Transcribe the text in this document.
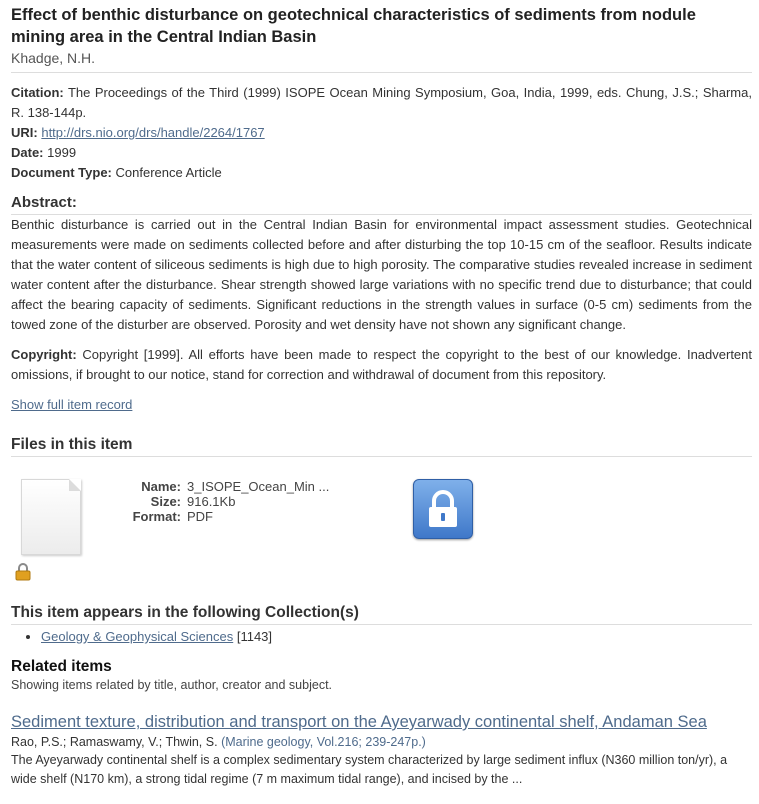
Effect of benthic disturbance on geotechnical characteristics of sediments from nodule mining area in the Central Indian Basin
Khadge, N.H.
Citation: The Proceedings of the Third (1999) ISOPE Ocean Mining Symposium, Goa, India, 1999, eds. Chung, J.S.; Sharma, R. 138-144p.
URI: http://drs.nio.org/drs/handle/2264/1767
Date: 1999
Document Type: Conference Article
Abstract:
Benthic disturbance is carried out in the Central Indian Basin for environmental impact assessment studies. Geotechnical measurements were made on sediments collected before and after disturbing the top 10-15 cm of the seafloor. Results indicate that the water content of siliceous sediments is high due to high porosity. The comparative studies revealed increase in sediment water content after the disturbance. Shear strength showed large variations with no specific trend due to disturbance; that could affect the bearing capacity of sediments. Significant reductions in the strength values in surface (0-5 cm) sediments from the towed zone of the disturber are observed. Porosity and wet density have not shown any significant change.
Copyright: Copyright [1999]. All efforts have been made to respect the copyright to the best of our knowledge. Inadvertent omissions, if brought to our notice, stand for correction and withdrawal of document from this repository.
Show full item record
Files in this item
Name: 3_ISOPE_Ocean_Min ...
Size: 916.1Kb
Format: PDF
This item appears in the following Collection(s)
• Geology & Geophysical Sciences [1143]
Related items
Showing items related by title, author, creator and subject.
Sediment texture, distribution and transport on the Ayeyarwady continental shelf, Andaman Sea
Rao, P.S.; Ramaswamy, V.; Thwin, S. (Marine geology, Vol.216; 239-247p.)
The Ayeyarwady continental shelf is a complex sedimentary system characterized by large sediment influx (N360 million ton/yr), a wide shelf (N170 km), a strong tidal regime (7 m maximum tidal range), and incised by the ...
